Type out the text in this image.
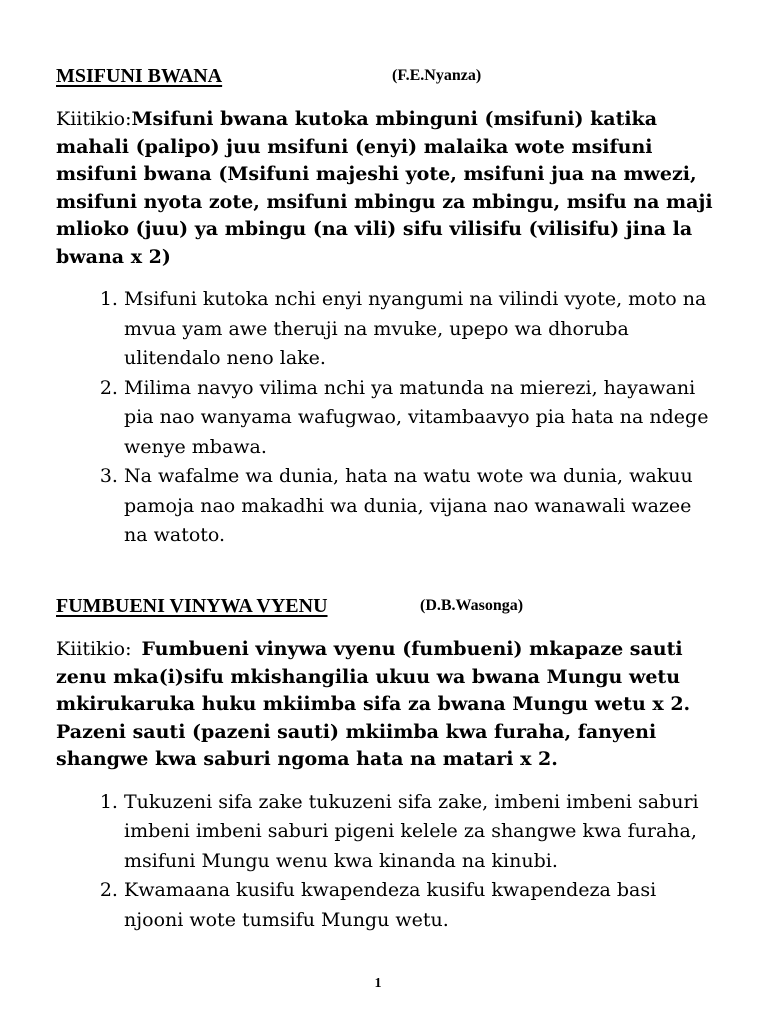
MSIFUNI BWANA	(F.E.Nyanza)
Kiitikio:Msifuni bwana kutoka mbinguni (msifuni) katika mahali (palipo) juu msifuni (enyi) malaika wote msifuni msifuni bwana (Msifuni majeshi yote, msifuni jua na mwezi, msifuni nyota zote, msifuni mbingu za mbingu, msifu na maji mlioko (juu) ya mbingu (na vili) sifu vilisifu (vilisifu) jina la bwana x 2)
1. Msifuni kutoka nchi enyi nyangumi na vilindi vyote, moto na mvua yam awe theruji na mvuke, upepo wa dhoruba ulitendalo neno lake.
2. Milima navyo vilima nchi ya matunda na mierezi, hayawani pia nao wanyama wafugwao, vitambaavyo pia hata na ndege wenye mbawa.
3. Na wafalme wa dunia, hata na watu wote wa dunia, wakuu pamoja nao makadhi wa dunia, vijana nao wanawali wazee na watoto.
FUMBUENI VINYWA VYENU	(D.B.Wasonga)
Kiitikio: Fumbueni vinywa vyenu (fumbueni) mkapaze sauti zenu mka(i)sifu mkishangilia ukuu wa bwana Mungu wetu mkirukaruka huku mkiimba sifa za bwana Mungu wetu x 2. Pazeni sauti (pazeni sauti) mkiimba kwa furaha, fanyeni shangwe kwa saburi ngoma hata na matari x 2.
1. Tukuzeni sifa zake tukuzeni sifa zake, imbeni imbeni saburi imbeni imbeni saburi pigeni kelele za shangwe kwa furaha, msifuni Mungu wenu kwa kinanda na kinubi.
2. Kwamaana kusifu kwapendeza kusifu kwapendeza basi njooni wote tumsifu Mungu wetu.
1
